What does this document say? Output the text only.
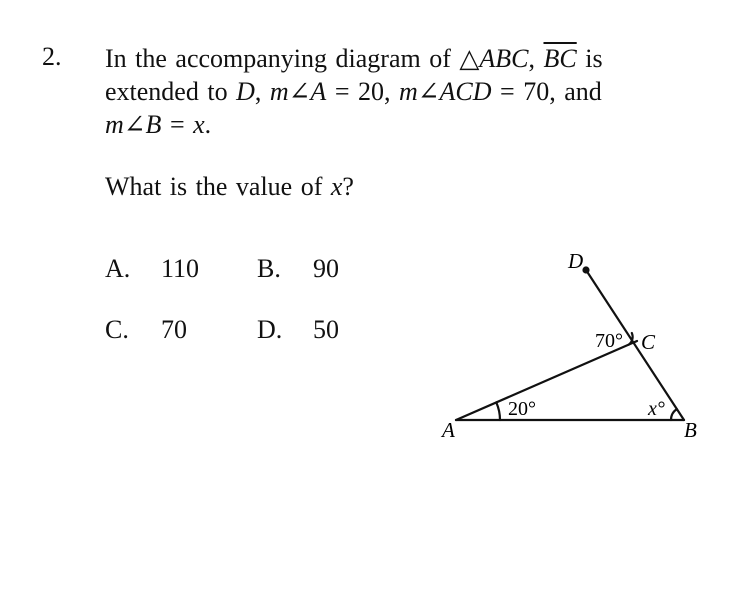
2. In the accompanying diagram of △ABC, $\overline{BC}$ is

extended to D, m∠A = 20, m∠ACD = 70, and

m∠B = x.

What is the value of x?
A. 110 B. 90
C. 70	D. 50
D
C
A	B
20°
70°
x°
